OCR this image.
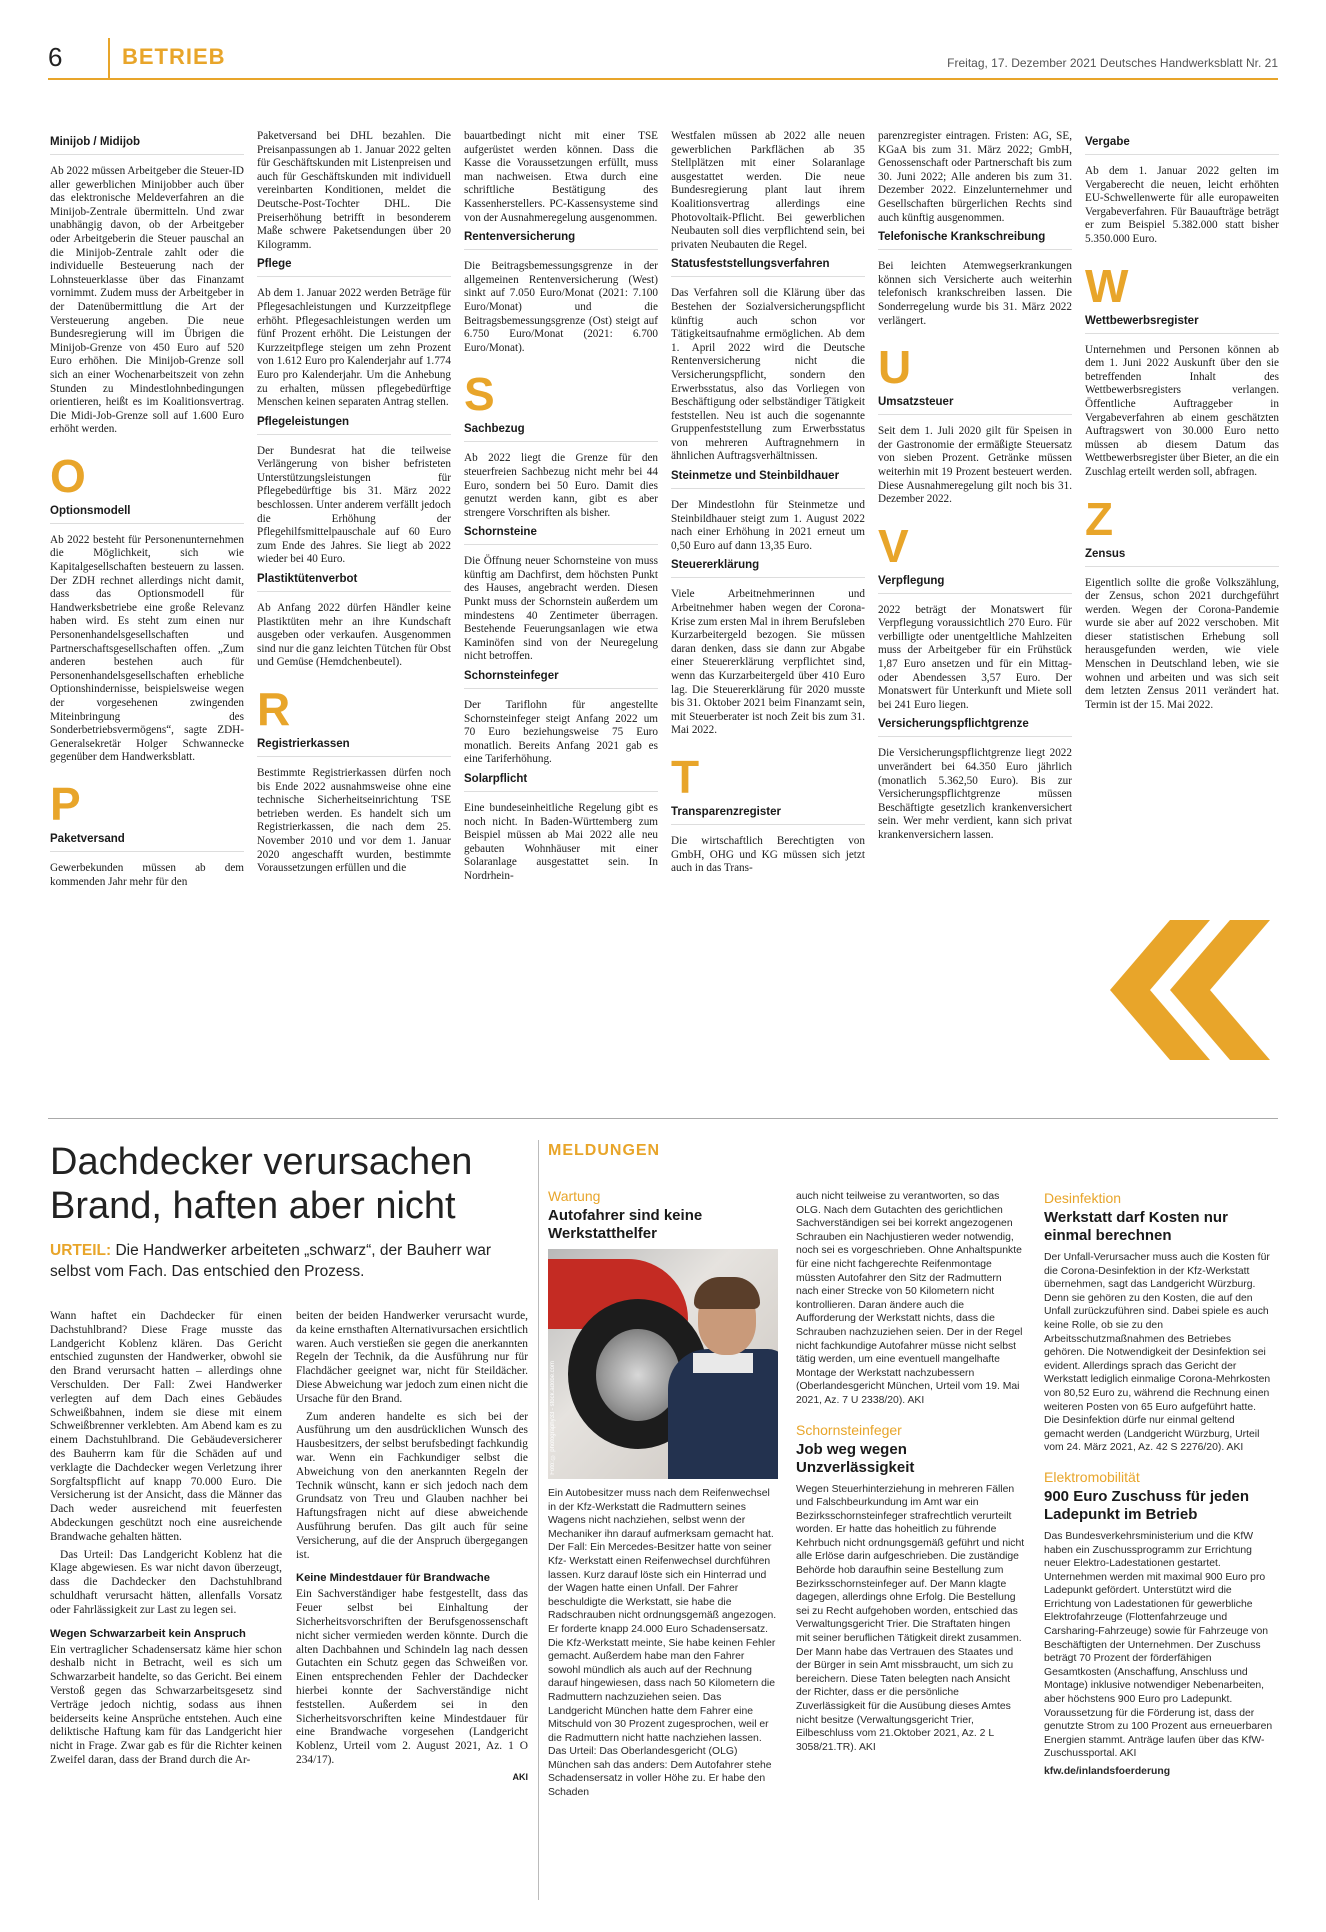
6	BETRIEB	Freitag, 17. Dezember 2021 Deutsches Handwerksblatt Nr. 21
Minijob / Midijob

Ab 2022 müssen Arbeitgeber die Steuer-ID aller gewerblichen Minijobber auch über das elektronische Meldeverfahren an die Minijob-Zentrale übermitteln. Und zwar unabhängig davon, ob der Arbeitgeber oder Arbeitgeberin die Steuer pauschal an die Minijob-Zentrale zahlt oder die individuelle Besteuerung nach der Lohnsteuerklasse über das Finanzamt vornimmt. Zudem muss der Arbeitgeber in der Datenübermittlung die Art der Versteuerung angeben. Die neue Bundesregierung will im Übrigen die Minijob-Grenze von 450 Euro auf 520 Euro erhöhen. Die Minijob-Grenze soll sich an einer Wochenarbeitszeit von zehn Stunden zu Mindestlohnbedingungen orientieren, heißt es im Koalitionsvertrag. Die Midi-Job-Grenze soll auf 1.600 Euro erhöht werden.

O
Optionsmodell

Ab 2022 besteht für Personenunternehmen die Möglichkeit, sich wie Kapitalgesellschaften besteuern zu lassen. Der ZDH rechnet allerdings nicht damit, dass das Optionsmodell für Handwerksbetriebe eine große Relevanz haben wird. Es steht zum einen nur Personenhandelsgesellschaften und Partnerschaftsgesellschaften offen. „Zum anderen bestehen auch für Personenhandelsgesellschaften erhebliche Optionshindernisse, beispielsweise wegen der vorgesehenen zwingenden Miteinbringung des Sonderbetriebsvermögens“, sagte ZDH-Generalsekretär Holger Schwannecke gegenüber dem Handwerksblatt.

P
Paketversand

Gewerbekunden müssen ab dem kommenden Jahr mehr für den

Paketversand bei DHL bezahlen. Die Preisanpassungen ab 1. Januar 2022 gelten für Geschäftskunden mit Listenpreisen und auch für Geschäftskunden mit individuell vereinbarten Konditionen, meldet die Deutsche-Post-Tochter DHL. Die Preiserhöhung betrifft in besonderem Maße schwere Paketsendungen über 20 Kilogramm.

Pflege

Ab dem 1. Januar 2022 werden Beträge für Pflegesachleistungen und Kurzzeitpflege erhöht. Pflegesachleistungen werden um fünf Prozent erhöht. Die Leistungen der Kurzzeitpflege steigen um zehn Prozent von 1.612 Euro pro Kalenderjahr auf 1.774 Euro pro Kalenderjahr. Um die Anhebung zu erhalten, müssen pflegebedürftige Menschen keinen separaten Antrag stellen.

Pflegeleistungen

Der Bundesrat hat die teilweise Verlängerung von bisher befristeten Unterstützungsleistungen für Pflegebedürftige bis 31. März 2022 beschlossen. Unter anderem verfällt jedoch die Erhöhung der Pflegehilfsmittelpauschale auf 60 Euro zum Ende des Jahres. Sie liegt ab 2022 wieder bei 40 Euro.

Plastiktütenverbot

Ab Anfang 2022 dürfen Händler keine Plastiktüten mehr an ihre Kundschaft ausgeben oder verkaufen. Ausgenommen sind nur die ganz leichten Tütchen für Obst und Gemüse (Hemdchenbeutel).

R
Registrierkassen

Bestimmte Registrierkassen dürfen noch bis Ende 2022 ausnahmsweise ohne eine technische Sicherheitseinrichtung TSE betrieben werden. Es handelt sich um Registrierkassen, die nach dem 25. November 2010 und vor dem 1. Januar 2020 angeschafft wurden, bestimmte Voraussetzungen erfüllen und die

bauartbedingt nicht mit einer TSE aufgerüstet werden können. Dass die Kasse die Voraussetzungen erfüllt, muss man nachweisen. Etwa durch eine schriftliche Bestätigung des Kassenherstellers. PC-Kassensysteme sind von der Ausnahmeregelung ausgenommen.

Rentenversicherung

Die Beitragsbemessungsgrenze in der allgemeinen Rentenversicherung (West) sinkt auf 7.050 Euro/Monat (2021: 7.100 Euro/Monat) und die Beitragsbemessungsgrenze (Ost) steigt auf 6.750 Euro/Monat (2021: 6.700 Euro/Monat).

S
Sachbezug

Ab 2022 liegt die Grenze für den steuerfreien Sachbezug nicht mehr bei 44 Euro, sondern bei 50 Euro. Damit dies genutzt werden kann, gibt es aber strengere Vorschriften als bisher.

Schornsteine

Die Öffnung neuer Schornsteine von muss künftig am Dachfirst, dem höchsten Punkt des Hauses, angebracht werden. Diesen Punkt muss der Schornstein außerdem um mindestens 40 Zentimeter überragen. Bestehende Feuerungsanlagen wie etwa Kaminöfen sind von der Neuregelung nicht betroffen.

Schornsteinfeger

Der Tariflohn für angestellte Schornsteinfeger steigt Anfang 2022 um 70 Euro beziehungsweise 75 Euro monatlich. Bereits Anfang 2021 gab es eine Tariferhöhung.

Solarpflicht

Eine bundeseinheitliche Regelung gibt es noch nicht. In Baden-Württemberg zum Beispiel müssen ab Mai 2022 alle neu gebauten Wohnhäuser mit einer Solaranlage ausgestattet sein. In Nordrhein-

Westfalen müssen ab 2022 alle neuen gewerblichen Parkflächen ab 35 Stellplätzen mit einer Solaranlage ausgestattet werden. Die neue Bundesregierung plant laut ihrem Koalitionsvertrag allerdings eine Photovoltaik-Pflicht. Bei gewerblichen Neubauten soll dies verpflichtend sein, bei privaten Neubauten die Regel.

Statusfeststellungsverfahren

Das Verfahren soll die Klärung über das Bestehen der Sozialversicherungspflicht künftig auch schon vor Tätigkeitsaufnahme ermöglichen. Ab dem 1. April 2022 wird die Deutsche Rentenversicherung nicht die Versicherungspflicht, sondern den Erwerbsstatus, also das Vorliegen von Beschäftigung oder selbständiger Tätigkeit feststellen. Neu ist auch die sogenannte Gruppenfeststellung zum Erwerbsstatus von mehreren Auftragnehmern in ähnlichen Auftragsverhältnissen.

Steinmetze und Steinbildhauer

Der Mindestlohn für Steinmetze und Steinbildhauer steigt zum 1. August 2022 nach einer Erhöhung in 2021 erneut um 0,50 Euro auf dann 13,35 Euro.

Steuererklärung

Viele Arbeitnehmerinnen und Arbeitnehmer haben wegen der Corona-Krise zum ersten Mal in ihrem Berufsleben Kurzarbeitergeld bezogen. Sie müssen daran denken, dass sie dann zur Abgabe einer Steuererklärung verpflichtet sind, wenn das Kurzarbeitergeld über 410 Euro lag. Die Steuererklärung für 2020 musste bis 31. Oktober 2021 beim Finanzamt sein, mit Steuerberater ist noch Zeit bis zum 31. Mai 2022.

T
Transparenzregister

Die wirtschaftlich Berechtigten von GmbH, OHG und KG müssen sich jetzt auch in das Trans-

parenzregister eintragen. Fristen: AG, SE, KGaA bis zum 31. März 2022; GmbH, Genossenschaft oder Partnerschaft bis zum 30. Juni 2022; Alle anderen bis zum 31. Dezember 2022. Einzelunternehmer und Gesellschaften bürgerlichen Rechts sind auch künftig ausgenommen.

Telefonische Krankschreibung

Bei leichten Atemwegserkrankungen können sich Versicherte auch weiterhin telefonisch krankschreiben lassen. Die Sonderregelung wurde bis 31. März 2022 verlängert.

U
Umsatzsteuer

Seit dem 1. Juli 2020 gilt für Speisen in der Gastronomie der ermäßigte Steuersatz von sieben Prozent. Getränke müssen weiterhin mit 19 Prozent besteuert werden. Diese Ausnahmeregelung gilt noch bis 31. Dezember 2022.

V
Verpflegung

2022 beträgt der Monatswert für Verpflegung voraussichtlich 270 Euro. Für verbilligte oder unentgeltliche Mahlzeiten muss der Arbeitgeber für ein Frühstück 1,87 Euro ansetzen und für ein Mittag- oder Abendessen 3,57 Euro. Der Monatswert für Unterkunft und Miete soll bei 241 Euro liegen.

Versicherungspflichtgrenze

Die Versicherungspflichtgrenze liegt 2022 unverändert bei 64.350 Euro jährlich (monatlich 5.362,50 Euro). Bis zur Versicherungspflichtgrenze müssen Beschäftigte gesetzlich krankenversichert sein. Wer mehr verdient, kann sich privat krankenversichern lassen.

Vergabe

Ab dem 1. Januar 2022 gelten im Vergaberecht die neuen, leicht erhöhten EU-Schwellenwerte für alle europaweiten Vergabeverfahren. Für Bauaufträge beträgt er zum Beispiel 5.382.000 statt bisher 5.350.000 Euro.

W
Wettbewerbsregister

Unternehmen und Personen können ab dem 1. Juni 2022 Auskunft über den sie betreffenden Inhalt des Wettbewerbsregisters verlangen. Öffentliche Auftraggeber in Vergabeverfahren ab einem geschätzten Auftragswert von 30.000 Euro netto müssen ab diesem Datum das Wettbewerbsregister über Bieter, an die ein Zuschlag erteilt werden soll, abfragen.

Z
Zensus

Eigentlich sollte die große Volkszählung, der Zensus, schon 2021 durchgeführt werden. Wegen der Corona-Pandemie wurde sie aber auf 2022 verschoben. Mit dieser statistischen Erhebung soll herausgefunden werden, wie viele Menschen in Deutschland leben, wie sie wohnen und arbeiten und was sich seit dem letzten Zensus 2011 verändert hat. Termin ist der 15. Mai 2022.

Dachdecker verursachen Brand, haften aber nicht
URTEIL: Die Handwerker arbeiteten „schwarz“, der Bauherr war selbst vom Fach. Das entschied den Prozess.

Wann haftet ein Dachdecker für einen Dachstuhlbrand? Diese Frage musste das Landgericht Koblenz klären. Das Gericht entschied zugunsten der Handwerker, obwohl sie den Brand verursacht hatten – allerdings ohne Verschulden. Der Fall: Zwei Handwerker verlegten auf dem Dach eines Gebäudes Schweißbahnen, indem sie diese mit einem Schweißbrenner verklebten. Am Abend kam es zu einem Dachstuhlbrand. Die Gebäudeversicherer des Bauherrn kam für die Schäden auf und verklagte die Dachdecker wegen Verletzung ihrer Sorgfaltspflicht auf knapp 70.000 Euro. Die Versicherung ist der Ansicht, dass die Männer das Dach weder ausreichend mit feuerfesten Abdeckungen geschützt noch eine ausreichende Brandwache gehalten hätten.

Das Urteil: Das Landgericht Koblenz hat die Klage abgewiesen. Es war nicht davon überzeugt, dass die Dachdecker den Dachstuhlbrand schuldhaft verursacht hätten, allenfalls Vorsatz oder Fahrlässigkeit zur Last zu legen sei.

Wegen Schwarzarbeit kein Anspruch

Ein vertraglicher Schadensersatz käme hier schon deshalb nicht in Betracht, weil es sich um Schwarzarbeit handelte, so das Gericht. Bei einem Verstoß gegen das Schwarzarbeitsgesetz sind Verträge jedoch nichtig, sodass aus ihnen beiderseits keine Ansprüche entstehen. Auch eine deliktische Haftung kam für das Landgericht hier nicht in Frage. Zwar gab es für die Richter keinen Zweifel daran, dass der Brand durch die Ar-

beiten der beiden Handwerker verursacht wurde, da keine ernsthaften Alternativursachen ersichtlich waren. Auch verstießen sie gegen die anerkannten Regeln der Technik, da die Ausführung nur für Flachdächer geeignet war, nicht für Steildächer. Diese Abweichung war jedoch zum einen nicht die Ursache für den Brand.

Zum anderen handelte es sich bei der Ausführung um den ausdrücklichen Wunsch des Hausbesitzers, der selbst berufsbedingt fachkundig war. Wenn ein Fachkundiger selbst die Abweichung von den anerkannten Regeln der Technik wünscht, kann er sich jedoch nach dem Grundsatz von Treu und Glauben nachher bei Haftungsfragen nicht auf diese abweichende Ausführung berufen. Das gilt auch für seine Versicherung, auf die der Anspruch übergegangen ist.

Keine Mindestdauer für Brandwache

Ein Sachverständiger habe festgestellt, dass das Feuer selbst bei Einhaltung der Sicherheitsvorschriften der Berufsgenossenschaft nicht sicher vermieden werden könnte. Durch die alten Dachbahnen und Schindeln lag nach dessen Gutachten ein Schutz gegen das Schweißen vor. Einen entsprechenden Fehler der Dachdecker hierbei konnte der Sachverständige nicht feststellen. Außerdem sei in den Sicherheitsvorschriften keine Mindestdauer für eine Brandwache vorgesehen (Landgericht Koblenz, Urteil vom 2. August 2021, Az. 1 O 234/17).

AKI
MELDUNGEN
Wartung
Autofahrer sind keine Werkstatthelfer
Foto: © photography33 - stock.adobe.com

Ein Autobesitzer muss nach dem Reifenwechsel in der Kfz-Werkstatt die Radmuttern seines Wagens nicht nachziehen, selbst wenn der Mechaniker ihn darauf aufmerksam gemacht hat. Der Fall: Ein Mercedes-Besitzer hatte von seiner Kfz- Werkstatt einen Reifenwechsel durchführen lassen. Kurz darauf löste sich ein Hinterrad und der Wagen hatte einen Unfall. Der Fahrer beschuldigte die Werkstatt, sie habe die Radschrauben nicht ordnungsgemäß angezogen. Er forderte knapp 24.000 Euro Schadensersatz. Die Kfz-Werkstatt meinte, Sie habe keinen Fehler gemacht. Außerdem habe man den Fahrer sowohl mündlich als auch auf der Rechnung darauf hingewiesen, dass nach 50 Kilometern die Radmuttern nachzuziehen seien. Das Landgericht München hatte dem Fahrer eine Mitschuld von 30 Prozent zugesprochen, weil er die Radmuttern nicht hatte nachziehen lassen. Das Urteil: Das Oberlandesgericht (OLG) München sah das anders: Dem Autofahrer stehe Schadensersatz in voller Höhe zu. Er habe den Schaden

auch nicht teilweise zu verantworten, so das OLG. Nach dem Gutachten des gerichtlichen Sachverständigen sei bei korrekt angezogenen Schrauben ein Nachjustieren weder notwendig, noch sei es vorgeschrieben. Ohne Anhaltspunkte für eine nicht fachgerechte Reifenmontage müssten Autofahrer den Sitz der Radmuttern nach einer Strecke von 50 Kilometern nicht kontrollieren. Daran ändere auch die Aufforderung der Werkstatt nichts, dass die Schrauben nachzuziehen seien. Der in der Regel nicht fachkundige Autofahrer müsse nicht selbst tätig werden, um eine eventuell mangelhafte Montage der Werkstatt nachzubessern (Oberlandesgericht München, Urteil vom 19. Mai 2021, Az. 7 U 2338/20). AKI

Schornsteinfeger
Job weg wegen Unzverlässigkeit

Wegen Steuerhinterziehung in mehreren Fällen und Falschbeurkundung im Amt war ein Bezirksschornsteinfeger strafrechtlich verurteilt worden. Er hatte das hoheitlich zu führende Kehrbuch nicht ordnungsgemäß geführt und nicht alle Erlöse darin aufgeschrieben. Die zuständige Behörde hob daraufhin seine Bestellung zum Bezirksschornsteinfeger auf. Der Mann klagte dagegen, allerdings ohne Erfolg. Die Bestellung sei zu Recht aufgehoben worden, entschied das Verwaltungsgericht Trier. Die Straftaten hingen mit seiner beruflichen Tätigkeit direkt zusammen. Der Mann habe das Vertrauen des Staates und der Bürger in sein Amt missbraucht, um sich zu bereichern. Diese Taten belegten nach Ansicht der Richter, dass er die persönliche Zuverlässigkeit für die Ausübung dieses Amtes nicht besitze (Verwaltungsgericht Trier, Eilbeschluss vom 21.Oktober 2021, Az. 2 L 3058/21.TR). AKI

Desinfektion
Werkstatt darf Kosten nur einmal berechnen

Der Unfall-Verursacher muss auch die Kosten für die Corona-Desinfektion in der Kfz-Werkstatt übernehmen, sagt das Landgericht Würzburg. Denn sie gehören zu den Kosten, die auf den Unfall zurückzuführen sind. Dabei spiele es auch keine Rolle, ob sie zu den Arbeitsschutzmaßnahmen des Betriebes gehören. Die Notwendigkeit der Desinfektion sei evident. Allerdings sprach das Gericht der Werkstatt lediglich einmalige Corona-Mehrkosten von 80,52 Euro zu, während die Rechnung einen weiteren Posten von 65 Euro aufgeführt hatte. Die Desinfektion dürfe nur einmal geltend gemacht werden (Landgericht Würzburg, Urteil vom 24. März 2021, Az. 42 S 2276/20). AKI

Elektromobilität
900 Euro Zuschuss für jeden Ladepunkt im Betrieb

Das Bundesverkehrsministerium und die KfW haben ein Zuschussprogramm zur Errichtung neuer Elektro-Ladestationen gestartet. Unternehmen werden mit maximal 900 Euro pro Ladepunkt gefördert. Unterstützt wird die Errichtung von Ladestationen für gewerbliche Elektrofahrzeuge (Flottenfahrzeuge und Carsharing-Fahrzeuge) sowie für Fahrzeuge von Beschäftigten der Unternehmen. Der Zuschuss beträgt 70 Prozent der förderfähigen Gesamtkosten (Anschaffung, Anschluss und Montage) inklusive notwendiger Nebenarbeiten, aber höchstens 900 Euro pro Ladepunkt. Voraussetzung für die Förderung ist, dass der genutzte Strom zu 100 Prozent aus erneuerbaren Energien stammt. Anträge laufen über das KfW-Zuschussportal. AKI

kfw.de/inlandsfoerderung
